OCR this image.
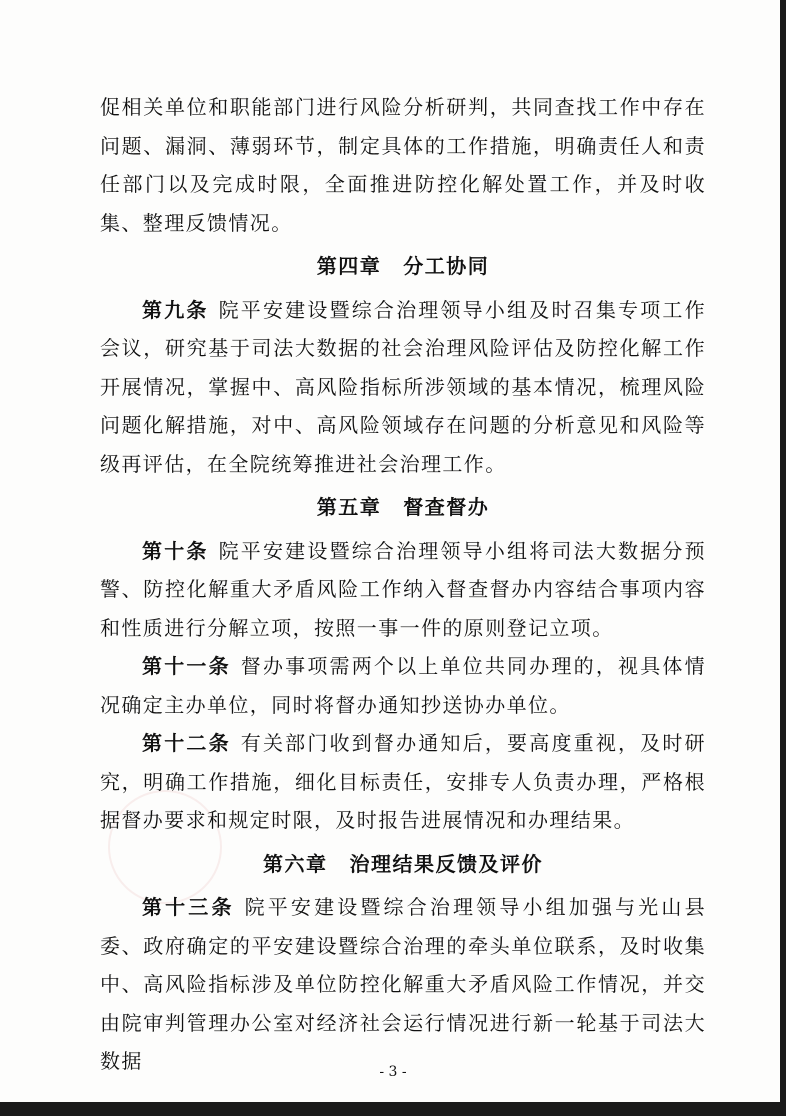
促相关单位和职能部门进行风险分析研判，共同查找工作中存在问题、漏洞、薄弱环节，制定具体的工作措施，明确责任人和责任部门以及完成时限，全面推进防控化解处置工作，并及时收集、整理反馈情况。

第四章 分工协同

第九条 院平安建设暨综合治理领导小组及时召集专项工作会议，研究基于司法大数据的社会治理风险评估及防控化解工作开展情况，掌握中、高风险指标所涉领域的基本情况，梳理风险问题化解措施，对中、高风险领域存在问题的分析意见和风险等级再评估，在全院统筹推进社会治理工作。

第五章 督查督办

第十条 院平安建设暨综合治理领导小组将司法大数据分预警、防控化解重大矛盾风险工作纳入督查督办内容结合事项内容和性质进行分解立项，按照一事一件的原则登记立项。

第十一条 督办事项需两个以上单位共同办理的，视具体情况确定主办单位，同时将督办通知抄送协办单位。

第十二条 有关部门收到督办通知后，要高度重视，及时研究，明确工作措施，细化目标责任，安排专人负责办理，严格根据督办要求和规定时限，及时报告进展情况和办理结果。

第六章 治理结果反馈及评价

第十三条 院平安建设暨综合治理领导小组加强与光山县委、政府确定的平安建设暨综合治理的牵头单位联系，及时收集中、高风险指标涉及单位防控化解重大矛盾风险工作情况，并交由院审判管理办公室对经济社会运行情况进行新一轮基于司法大数据	- 3 -
